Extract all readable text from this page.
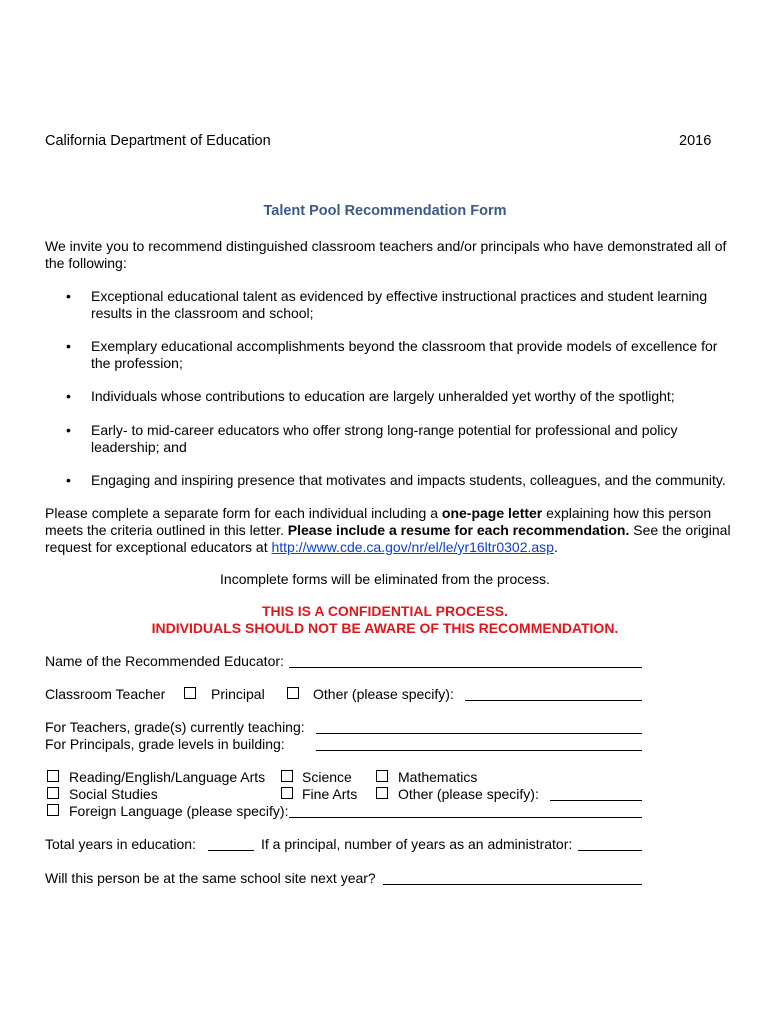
California Department of Education	2016
Talent Pool Recommendation Form
We invite you to recommend distinguished classroom teachers and/or principals who have demonstrated all of the following:
• Exceptional educational talent as evidenced by effective instructional practices and student learning
results in the classroom and school;
• Exemplary educational accomplishments beyond the classroom that provide models of excellence for
the profession;
• Individuals whose contributions to education are largely unheralded yet worthy of the spotlight;
• Early- to mid-career educators who offer strong long-range potential for professional and policy
leadership; and
• Engaging and inspiring presence that motivates and impacts students, colleagues, and the community.
Please complete a separate form for each individual including a one-page letter explaining how this person
meets the criteria outlined in this letter. Please include a resume for each recommendation. See the original
request for exceptional educators at http://www.cde.ca.gov/nr/el/le/yr16ltr0302.asp.
Incomplete forms will be eliminated from the process.
THIS IS A CONFIDENTIAL PROCESS.
INDIVIDUALS SHOULD NOT BE AWARE OF THIS RECOMMENDATION.
Name of the Recommended Educator:
Classroom Teacher	Principal	Other (please specify):
For Teachers, grade(s) currently teaching:
For Principals, grade levels in building:
Reading/English/Language Arts	Science	Mathematics
Social Studies	Fine Arts	Other (please specify):
Foreign Language (please specify):
Total years in education:	If a principal, number of years as an administrator:
Will this person be at the same school site next year?
